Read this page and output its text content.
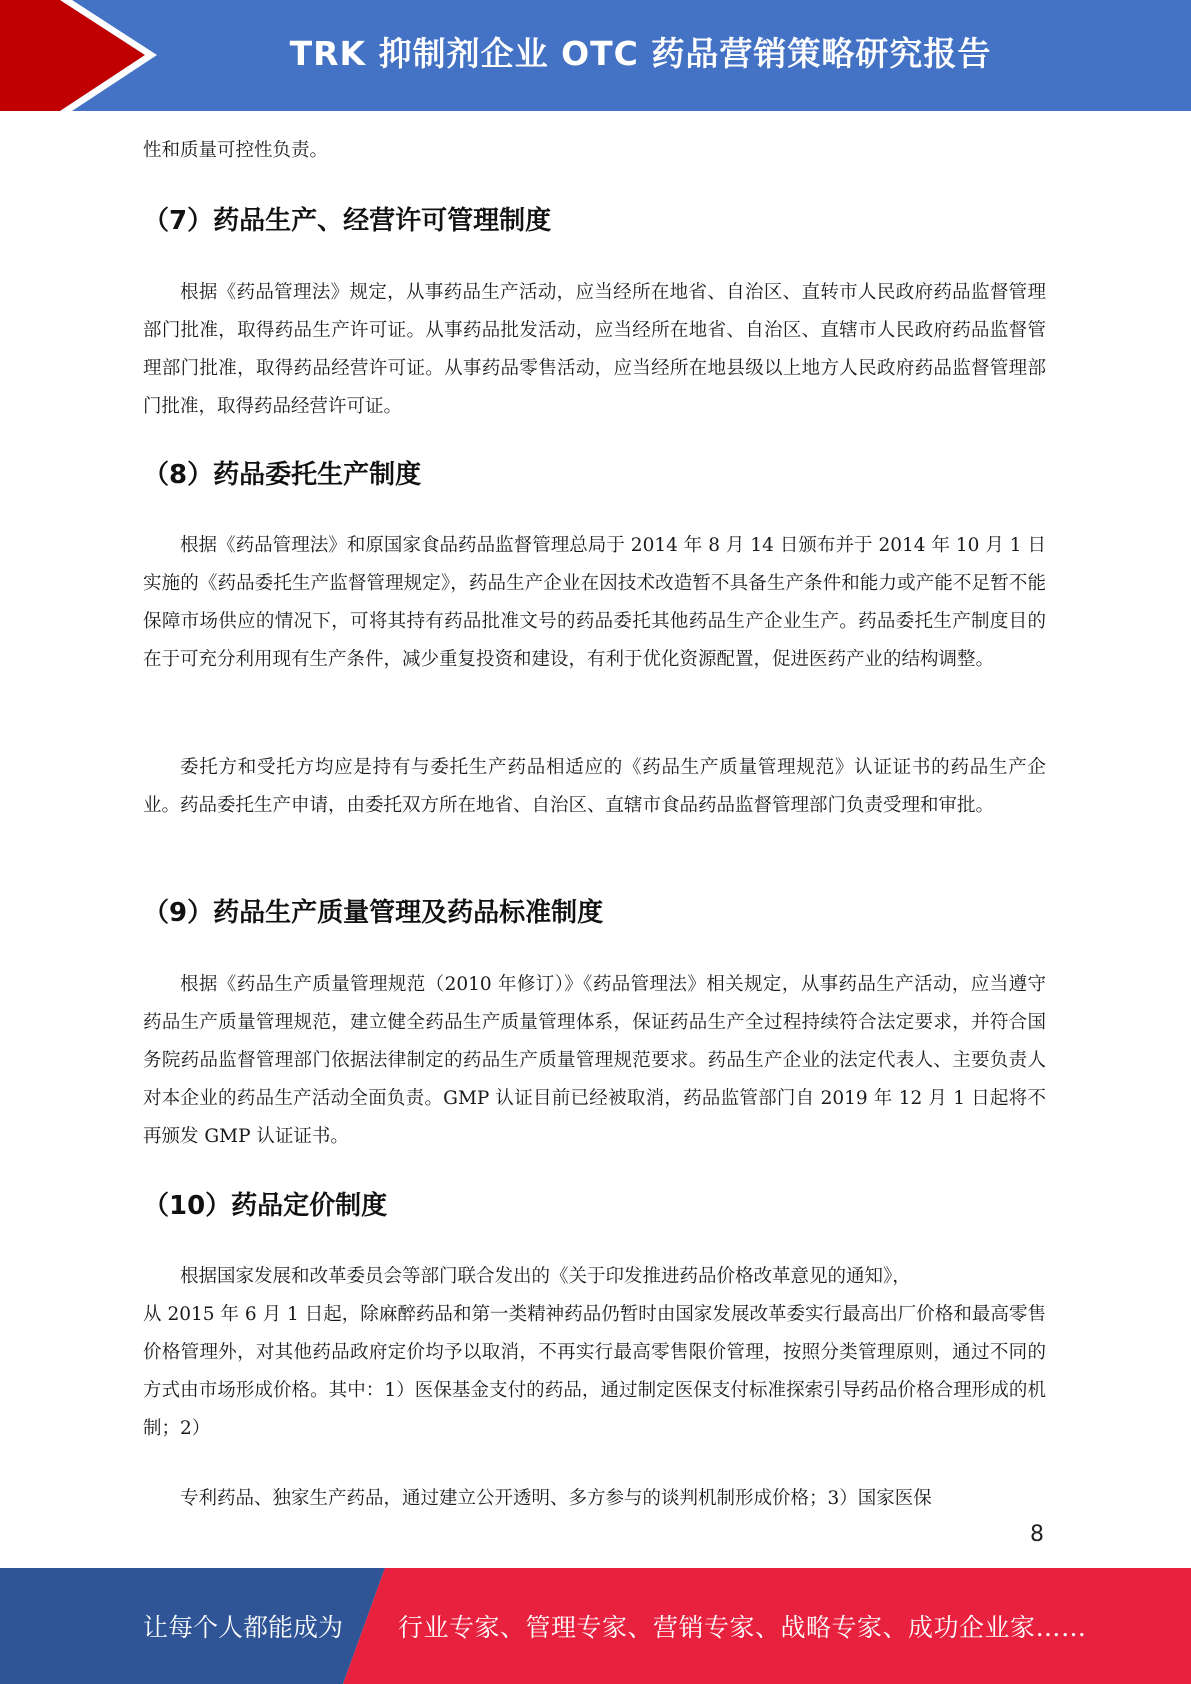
TRK 抑制剂企业 OTC 药品营销策略研究报告

性和质量可控性负责。

（7）药品生产、经营许可管理制度

根据《药品管理法》规定，从事药品生产活动，应当经所在地省、自治区、直转市人民政府药品监督管理部门批准，取得药品生产许可证。从事药品批发活动，应当经所在地省、自治区、直辖市人民政府药品监督管理部门批准，取得药品经营许可证。从事药品零售活动，应当经所在地县级以上地方人民政府药品监督管理部门批准，取得药品经营许可证。

（8）药品委托生产制度

根据《药品管理法》和原国家食品药品监督管理总局于 2014 年 8 月 14 日颁布并于 2014 年 10 月 1 日实施的《药品委托生产监督管理规定》，药品生产企业在因技术改造暂不具备生产条件和能力或产能不足暂不能保障市场供应的情况下，可将其持有药品批准文号的药品委托其他药品生产企业生产。药品委托生产制度目的在于可充分利用现有生产条件，减少重复投资和建设，有利于优化资源配置，促进医药产业的结构调整。

委托方和受托方均应是持有与委托生产药品相适应的《药品生产质量管理规范》认证证书的药品生产企业。药品委托生产申请，由委托双方所在地省、自治区、直辖市食品药品监督管理部门负责受理和审批。

（9）药品生产质量管理及药品标准制度

根据《药品生产质量管理规范（2010 年修订）》《药品管理法》相关规定，从事药品生产活动，应当遵守药品生产质量管理规范，建立健全药品生产质量管理体系，保证药品生产全过程持续符合法定要求，并符合国务院药品监督管理部门依据法律制定的药品生产质量管理规范要求。药品生产企业的法定代表人、主要负责人对本企业的药品生产活动全面负责。GMP 认证目前已经被取消，药品监管部门自 2019 年 12 月 1 日起将不再颁发 GMP 认证证书。

（10）药品定价制度

根据国家发展和改革委员会等部门联合发出的《关于印发推进药品价格改革意见的通知》，

从 2015 年 6 月 1 日起，除麻醉药品和第一类精神药品仍暂时由国家发展改革委实行最高出厂价格和最高零售价格管理外，对其他药品政府定价均予以取消，不再实行最高零售限价管理，按照分类管理原则，通过不同的方式由市场形成价格。其中：1）医保基金支付的药品，通过制定医保支付标准探索引导药品价格合理形成的机制；2）

专利药品、独家生产药品，通过建立公开透明、多方参与的谈判机制形成价格；3）国家医保

8
让每个人都能成为 行业专家、管理专家、营销专家、战略专家、成功企业家……
